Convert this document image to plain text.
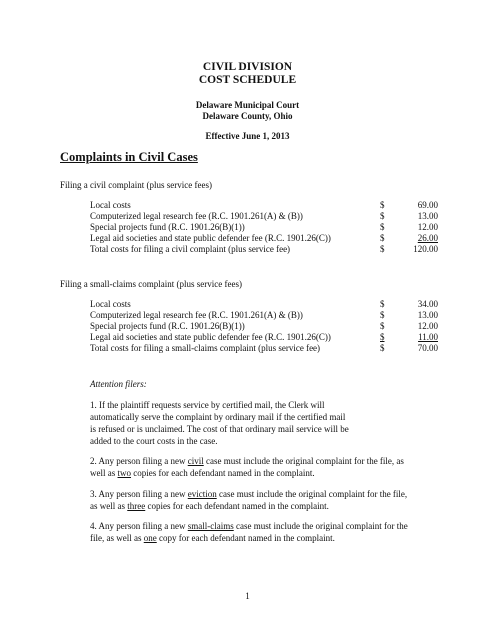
CIVIL DIVISION
COST SCHEDULE
Delaware Municipal Court
Delaware County, Ohio
Effective June 1, 2013
Complaints in Civil Cases
Filing a civil complaint (plus service fees)
Local costs	$	69.00
Computerized legal research fee (R.C. 1901.261(A) & (B))	$	13.00
Special projects fund (R.C. 1901.26(B)(1))	$	12.00
Legal aid societies and state public defender fee (R.C. 1901.26(C))	$	26.00
Total costs for filing a civil complaint (plus service fee)	$	120.00
Filing a small-claims complaint (plus service fees)
Local costs	$	34.00
Computerized legal research fee (R.C. 1901.261(A) & (B))	$	13.00
Special projects fund (R.C. 1901.26(B)(1))	$	12.00
Legal aid societies and state public defender fee (R.C. 1901.26(C))	$	11.00
Total costs for filing a small-claims complaint (plus service fee)	$	70.00
Attention filers:
1. If the plaintiff requests service by certified mail, the Clerk will
automatically serve the complaint by ordinary mail if the certified mail
is refused or is unclaimed. The cost of that ordinary mail service will be
added to the court costs in the case.
2. Any person filing a new civil case must include the original complaint for the file, as
well as two copies for each defendant named in the complaint.
3. Any person filing a new eviction case must include the original complaint for the file,
as well as three copies for each defendant named in the complaint.
4. Any person filing a new small-claims case must include the original complaint for the
file, as well as one copy for each defendant named in the complaint.
1
